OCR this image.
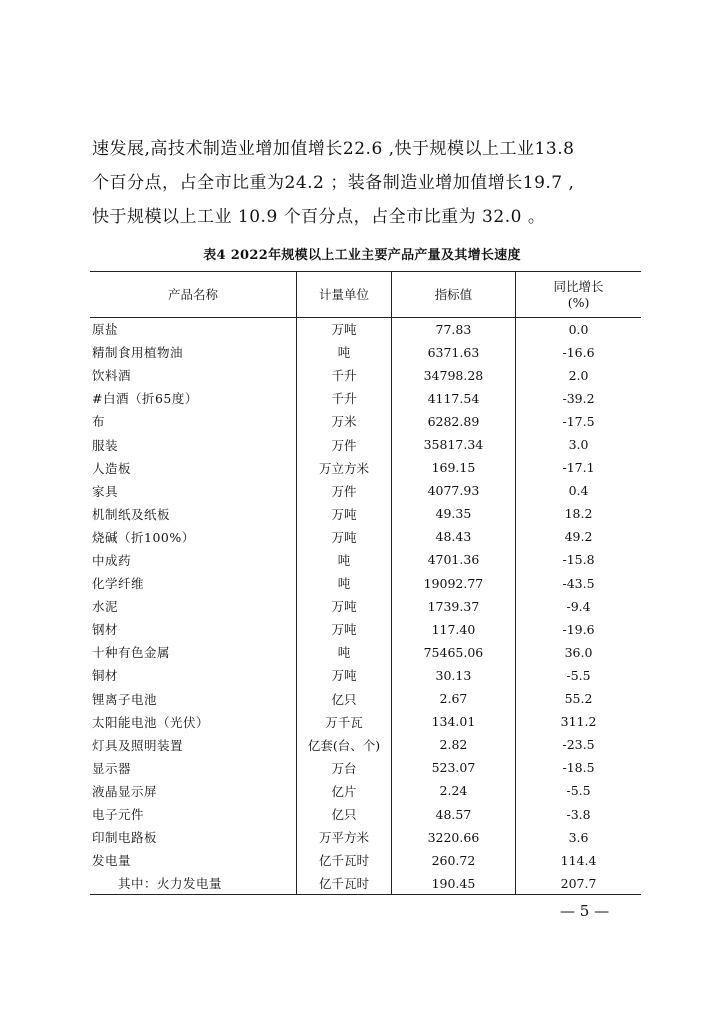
速发展,高技术制造业增加值增长22.6 ,快于规模以上工业13.8

个百分点，占全市比重为24.2 ；装备制造业增加值增长19.7 ,

快于规模以上工业 10.9 个百分点，占全市比重为 32.0 。

表4 2022年规模以上工业主要产品产量及其增长速度
产品名称	计量单位	指标值	同比增长
(%)

原盐	万吨	77.83	0.0
精制食用植物油	吨	6371.63	-16.6
饮料酒	千升	34798.28	2.0
#白酒（折65度）	千升	4117.54	-39.2
布	万米	6282.89	-17.5
服装	万件	35817.34	3.0
人造板	万立方米	169.15	-17.1
家具	万件	4077.93	0.4
机制纸及纸板	万吨	49.35	18.2
烧碱（折100%）	万吨	48.43	49.2
中成药	吨	4701.36	-15.8
化学纤维	吨	19092.77	-43.5
水泥	万吨	1739.37	-9.4
钢材	万吨	117.40	-19.6
十种有色金属	吨	75465.06	36.0
铜材	万吨	30.13	-5.5
锂离子电池	亿只	2.67	55.2
太阳能电池（光伏）	万千瓦	134.01	311.2
灯具及照明装置	亿套(台、个)	2.82	-23.5
显示器	万台	523.07	-18.5
液晶显示屏	亿片	2.24	-5.5
电子元件	亿只	48.57	-3.8
印制电路板	万平方米	3220.66	3.6
发电量	亿千瓦时	260.72	114.4
其中：火力发电量	亿千瓦时	190.45	207.7
— 5 —
